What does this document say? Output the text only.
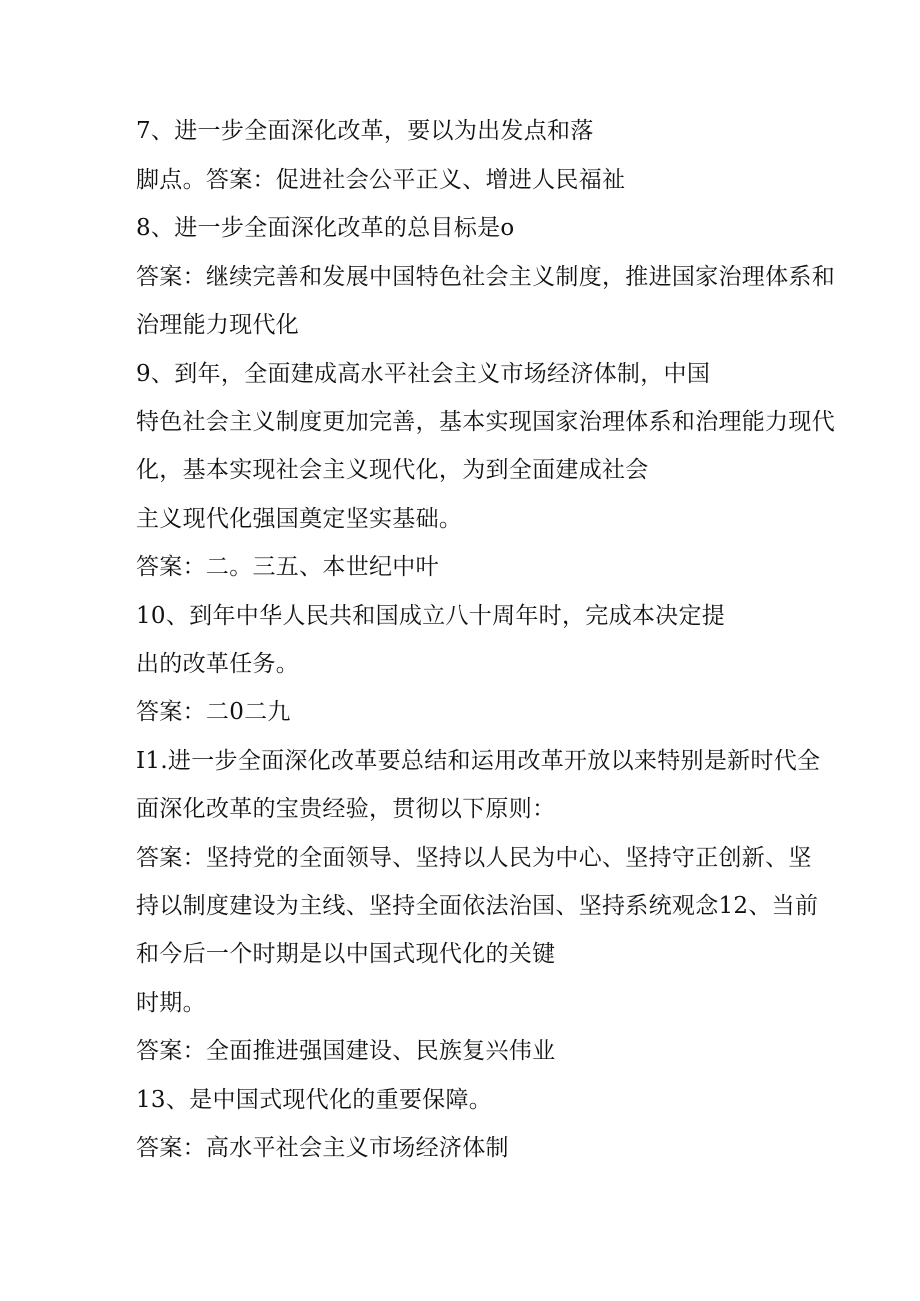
7、进一步全面深化改革，要以为出发点和落
脚点。答案：促进社会公平正义、增进人民福祉
8、进一步全面深化改革的总目标是o
答案：继续完善和发展中国特色社会主义制度，推进国家治理体系和
治理能力现代化
9、到年，全面建成高水平社会主义市场经济体制，中国
特色社会主义制度更加完善，基本实现国家治理体系和治理能力现代
化，基本实现社会主义现代化，为到全面建成社会
主义现代化强国奠定坚实基础。
答案：二。三五、本世纪中叶
10、到年中华人民共和国成立八十周年时，完成本决定提
出的改革任务。
答案：二0二九
I1.进一步全面深化改革要总结和运用改革开放以来特别是新时代全
面深化改革的宝贵经验，贯彻以下原则：
答案：坚持党的全面领导、坚持以人民为中心、坚持守正创新、坚
持以制度建设为主线、坚持全面依法治国、坚持系统观念12、当前
和今后一个时期是以中国式现代化的关键
时期。
答案：全面推进强国建设、民族复兴伟业
13、是中国式现代化的重要保障。
答案：高水平社会主义市场经济体制
